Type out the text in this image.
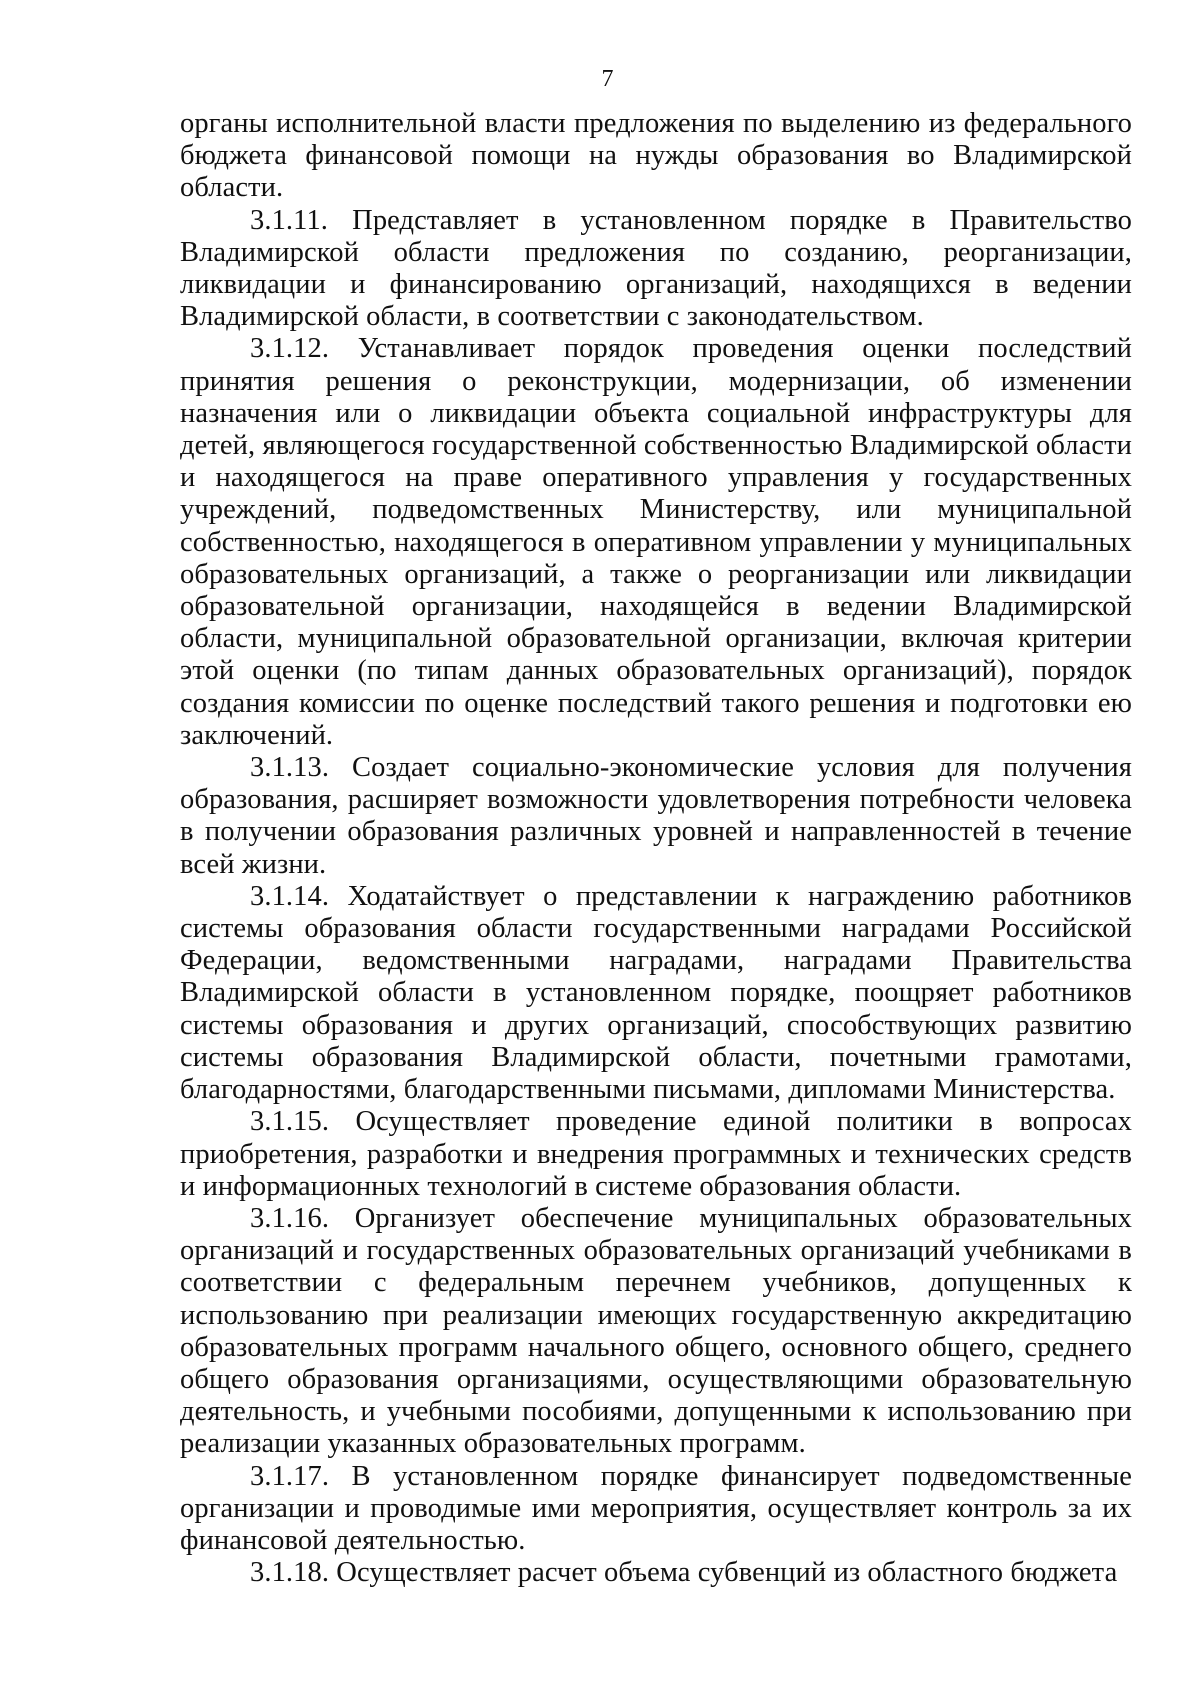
7

органы исполнительной власти предложения по выделению из федерального бюджета финансовой помощи на нужды образования во Владимирской области.

3.1.11. Представляет в установленном порядке в Правительство Владимирской области предложения по созданию, реорганизации, ликвидации и финансированию организаций, находящихся в ведении Владимирской области, в соответствии с законодательством.

3.1.12. Устанавливает порядок проведения оценки последствий принятия решения о реконструкции, модернизации, об изменении назначения или о ликвидации объекта социальной инфраструктуры для детей, являющегося государственной собственностью Владимирской области и находящегося на праве оперативного управления у государственных учреждений, подведомственных Министерству, или муниципальной собственностью, находящегося в оперативном управлении у муниципальных образовательных организаций, а также о реорганизации или ликвидации образовательной организации, находящейся в ведении Владимирской области, муниципальной образовательной организации, включая критерии этой оценки (по типам данных образовательных организаций), порядок создания комиссии по оценке последствий такого решения и подготовки ею заключений.

3.1.13. Создает социально-экономические условия для получения образования, расширяет возможности удовлетворения потребности человека в получении образования различных уровней и направленностей в течение всей жизни.

3.1.14. Ходатайствует о представлении к награждению работников системы образования области государственными наградами Российской Федерации, ведомственными наградами, наградами Правительства Владимирской области в установленном порядке, поощряет работников системы образования и других организаций, способствующих развитию системы образования Владимирской области, почетными грамотами, благодарностями, благодарственными письмами, дипломами Министерства.

3.1.15. Осуществляет проведение единой политики в вопросах приобретения, разработки и внедрения программных и технических средств и информационных технологий в системе образования области.

3.1.16. Организует обеспечение муниципальных образовательных организаций и государственных образовательных организаций учебниками в соответствии с федеральным перечнем учебников, допущенных к использованию при реализации имеющих государственную аккредитацию образовательных программ начального общего, основного общего, среднего общего образования организациями, осуществляющими образовательную деятельность, и учебными пособиями, допущенными к использованию при реализации указанных образовательных программ.

3.1.17. В установленном порядке финансирует подведомственные организации и проводимые ими мероприятия, осуществляет контроль за их финансовой деятельностью.

3.1.18. Осуществляет расчет объема субвенций из областного бюджета
